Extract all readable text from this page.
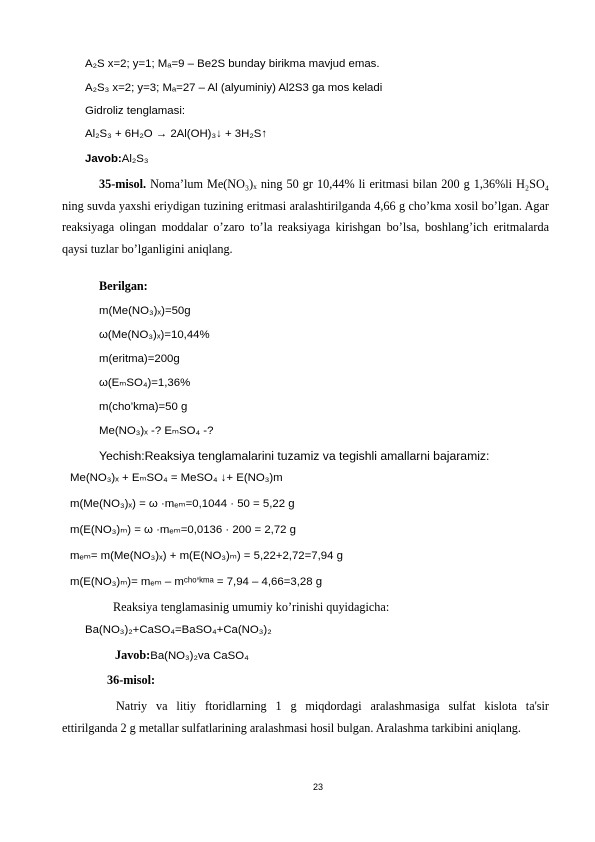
A₂S x=2; y=1; Mₐ=9 – Be2S bunday birikma mavjud emas.
A₂S₃ x=2; y=3; Mₐ=27 – Al (alyuminiy) Al2S3 ga mos keladi
Gidroliz tenglamasi:
Al₂S₃ + 6H₂O → 2Al(OH)₃↓ + 3H₂S↑
Javob:Al₂S₃
35-misol. Noma’lum Me(NO₃)ₓ ning 50 gr 10,44% li eritmasi bilan 200 g 1,36%li H₂SO₄ ning suvda yaxshi eriydigan tuzining eritmasi aralashtirilganda 4,66 g cho’kma xosil bo’lgan. Agar reaksiyaga olingan moddalar o’zaro to’la reaksiyaga kirishgan bo’lsa, boshlang’ich eritmalarda qaysi tuzlar bo’lganligini aniqlang.
Berilgan:
m(Me(NO₃)ₓ)=50g
ω(Me(NO₃)ₓ)=10,44%
m(eritma)=200g
ω(EₘSO₄)=1,36%
m(cho’kma)=50 g
Me(NO₃)ₓ -? EₘSO₄ -?
Yechish:Reaksiya tenglamalarini tuzamiz va tegishli amallarni bajaramiz:
Me(NO₃)ₓ + EₘSO₄ = MeSO₄ ↓+ E(NO₃)m
m(Me(NO₃)ₓ) = ω ·mₑₘ=0,1044 · 50 = 5,22 g
m(E(NO₃)ₘ) = ω ·mₑₘ=0,0136 · 200 = 2,72 g
mₑₘ= m(Me(NO₃)ₓ) + m(E(NO₃)ₘ) = 5,22+2,72=7,94 g
m(E(NO₃)ₘ)= mₑₘ – mᶜʰᵒ’ᵏᵐᵃ = 7,94 – 4,66=3,28 g
Reaksiya tenglamasinig umumiy ko’rinishi quyidagicha:
Ba(NO₃)₂+CaSO₄=BaSO₄+Ca(NO₃)₂
Javob:Ba(NO₃)₂va CaSO₄
36-misol:
Natriy va litiy ftoridlarning 1 g miqdordagi aralashmasiga sulfat kislota ta'sir ettirilganda 2 g metallar sulfatlarining aralashmasi hosil bulgan. Aralashma tarkibini aniqlang.
23
